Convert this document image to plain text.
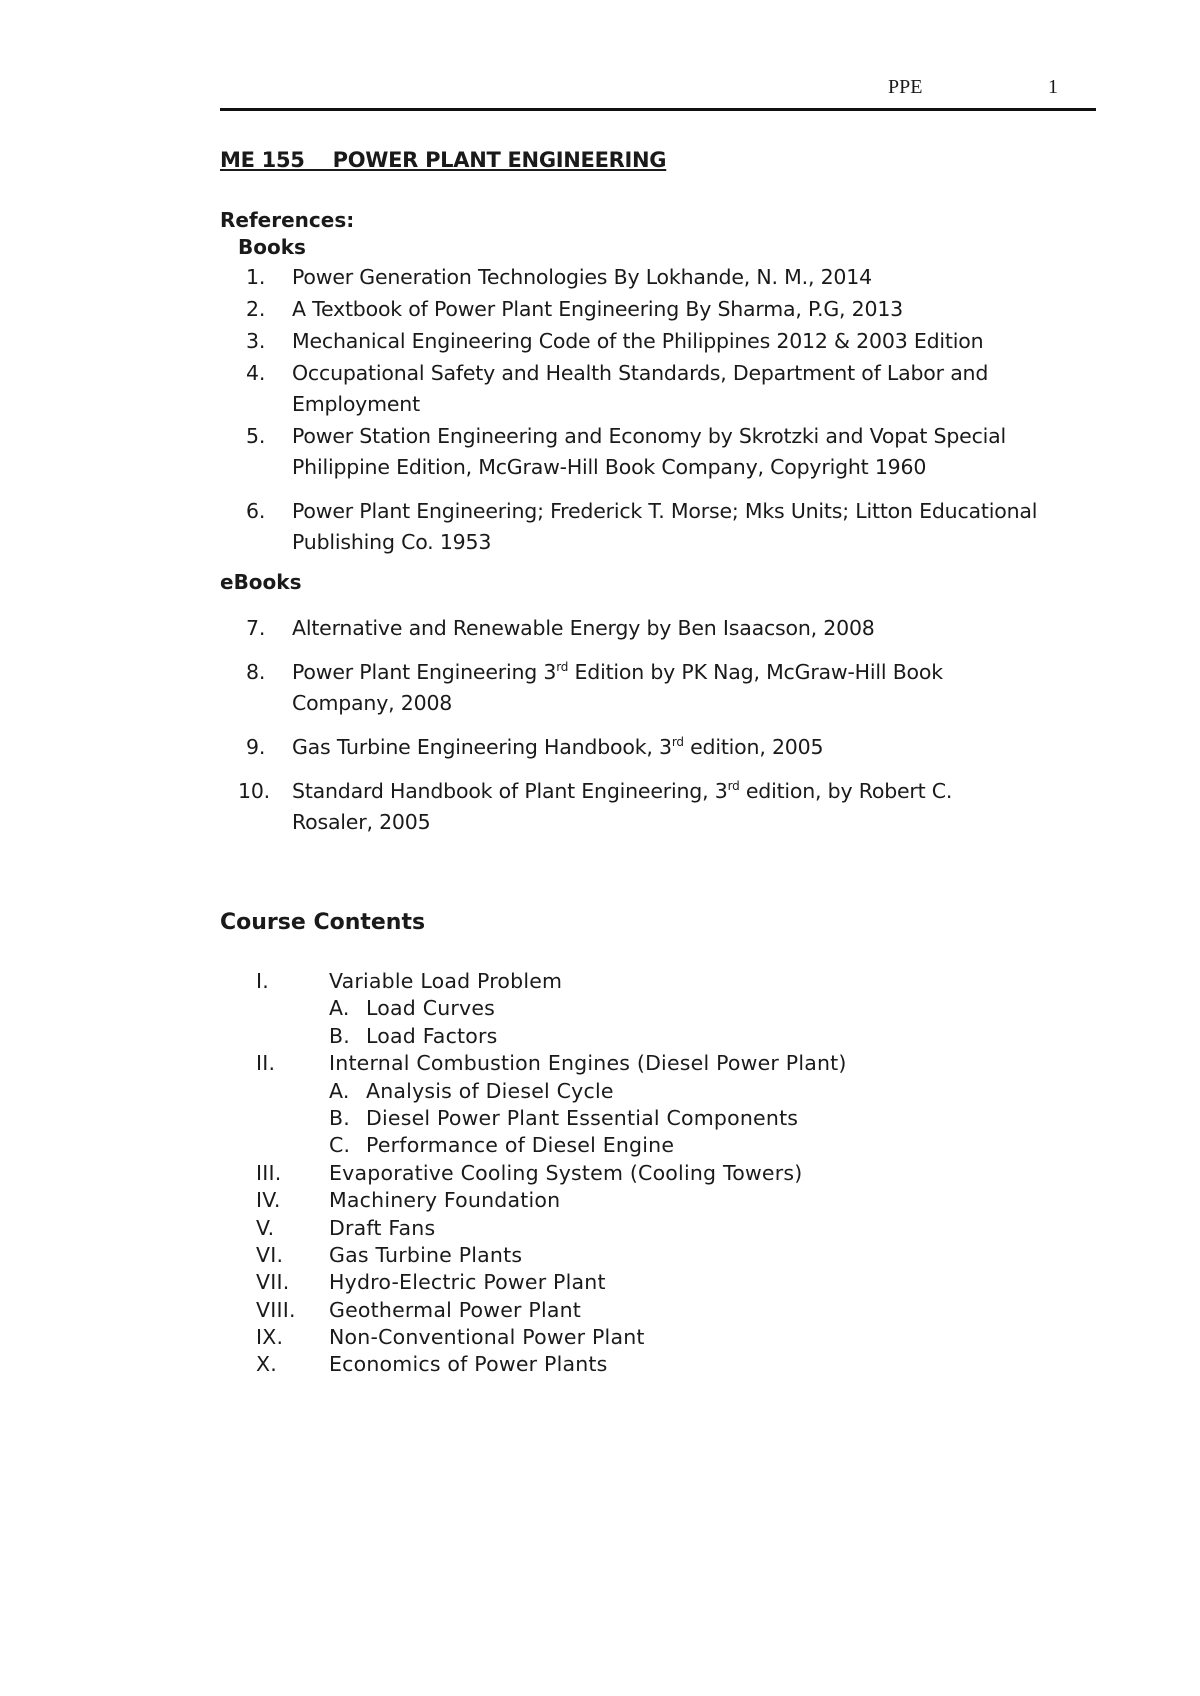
PPE	1
ME 155    POWER PLANT ENGINEERING
References:
Books
1. Power Generation Technologies By Lokhande, N. M., 2014
2. A Textbook of Power Plant Engineering By Sharma, P.G, 2013
3. Mechanical Engineering Code of the Philippines 2012 & 2003 Edition
4. Occupational Safety and Health Standards, Department of Labor and
Employment
5. Power Station Engineering and Economy by Skrotzki and Vopat Special
Philippine Edition, McGraw-Hill Book Company, Copyright 1960
6. Power Plant Engineering; Frederick T. Morse; Mks Units; Litton Educational
Publishing Co. 1953
eBooks
7. Alternative and Renewable Energy by Ben Isaacson, 2008
8. Power Plant Engineering 3rd Edition by PK Nag, McGraw-Hill Book
Company, 2008
9. Gas Turbine Engineering Handbook, 3rd edition, 2005
10. Standard Handbook of Plant Engineering, 3rd edition, by Robert C.
Rosaler, 2005
Course Contents
I.	Variable Load Problem
A. Load Curves
B. Load Factors
II.	Internal Combustion Engines (Diesel Power Plant)
A. Analysis of Diesel Cycle
B. Diesel Power Plant Essential Components
C. Performance of Diesel Engine
III. Evaporative Cooling System (Cooling Towers)
IV. Machinery Foundation
V.	Draft Fans
VI. Gas Turbine Plants
VII. Hydro-Electric Power Plant
VIII. Geothermal Power Plant
IX. Non-Conventional Power Plant
X.	Economics of Power Plants
